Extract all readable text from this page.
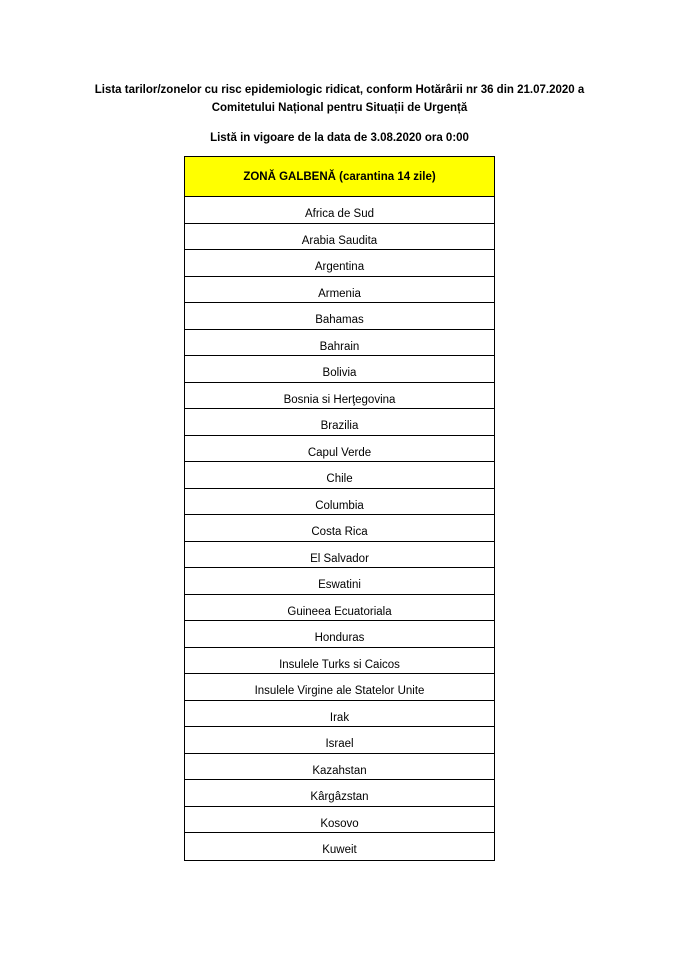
Lista tarilor/zonelor cu risc epidemiologic ridicat, conform Hotărârii nr 36 din 21.07.2020 a
Comitetului Național pentru Situații de Urgență
Listă in vigoare de la data de 3.08.2020 ora 0:00
ZONĂ GALBENĂ (carantina 14 zile)
Africa de Sud
Arabia Saudita
Argentina
Armenia
Bahamas
Bahrain
Bolivia
Bosnia si Herţegovina
Brazilia
Capul Verde
Chile
Columbia
Costa Rica
El Salvador
Eswatini
Guineea Ecuatoriala
Honduras
Insulele Turks si Caicos
Insulele Virgine ale Statelor Unite
Irak
Israel
Kazahstan
Kârgâzstan
Kosovo
Kuweit
